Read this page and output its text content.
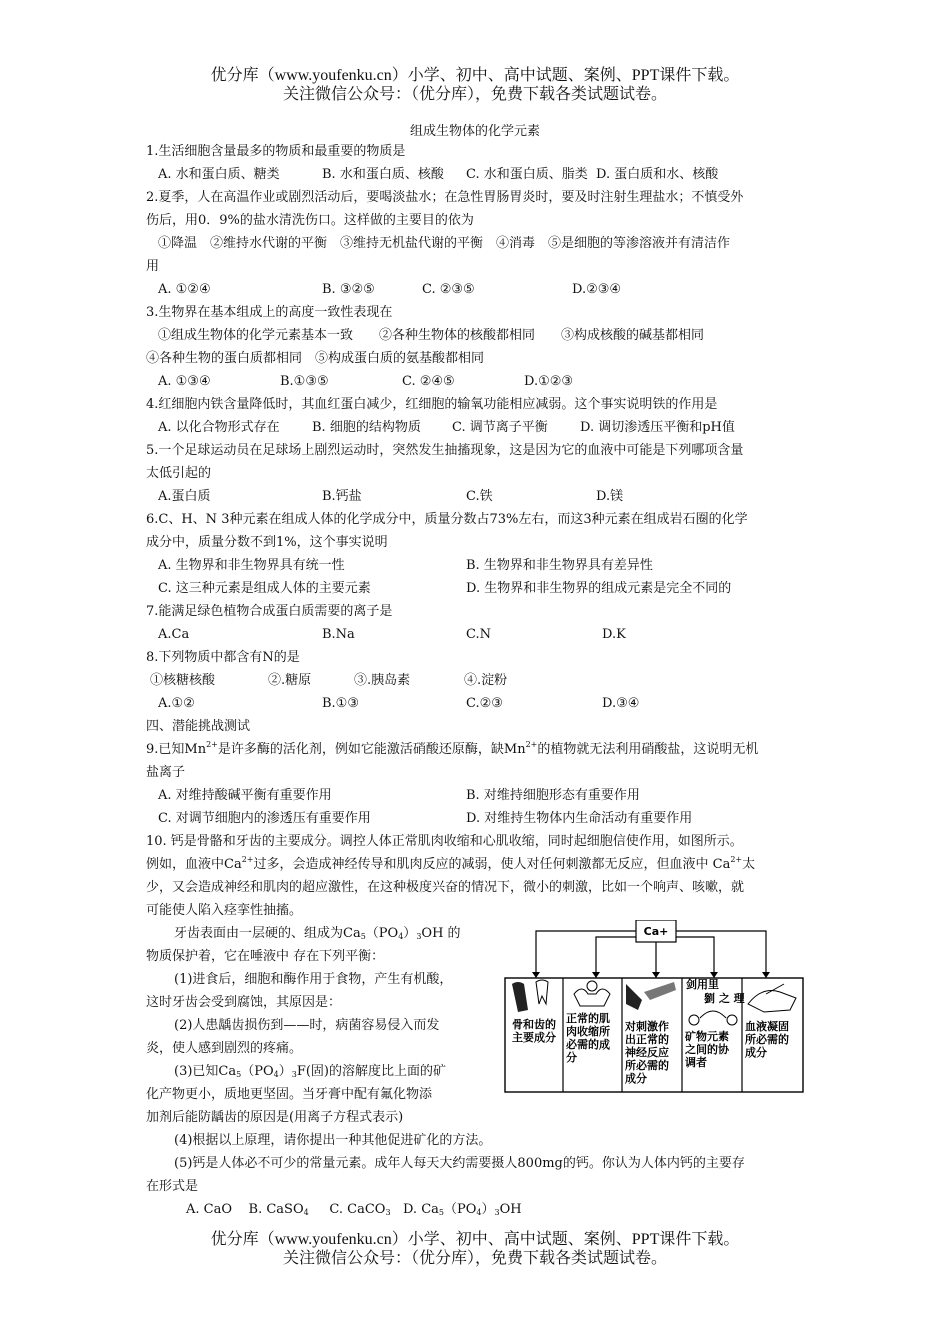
优分库（www.youfenku.cn）小学、初中、高中试题、案例、PPT课件下载。
关注微信公众号：（优分库），免费下载各类试题试卷。
组成生物体的化学元素

1.生活细胞含量最多的物质和最重要的物质是

A. 水和蛋白质、糖类	B. 水和蛋白质、核酸	C. 水和蛋白质、脂类 D. 蛋白质和水、核酸

2.夏季，人在高温作业或剧烈活动后，要喝淡盐水；在急性胃肠胃炎时，要及时注射生理盐水；不慎受外

伤后，用0．9%的盐水清洗伤口。这样做的主要目的依为

①降温　②维持水代谢的平衡　③维持无机盐代谢的平衡　④消毒　⑤是细胞的等渗溶液并有清洁作

用

A. ①②④	B. ③②⑤	C. ②③⑤	D.②③④

3.生物界在基本组成上的高度一致性表现在

①组成生物体的化学元素基本一致　　②各种生物体的核酸都相同　　③构成核酸的碱基都相同

④各种生物的蛋白质都相同　⑤构成蛋白质的氨基酸都相同

A. ①③④	B.①③⑤	C. ②④⑤	D.①②③

4.红细胞内铁含量降低时，其血红蛋白减少，红细胞的输氧功能相应减弱。这个事实说明铁的作用是

A. 以化合物形式存在	B. 细胞的结构物质	C. 调节离子平衡	D. 调切渗透压平衡和pH值

5.一个足球运动员在足球场上剧烈运动时，突然发生抽搐现象，这是因为它的血液中可能是下列哪项含量

太低引起的

A.蛋白质	B.钙盐	C.铁	D.镁

6.C、H、N 3种元素在组成人体的化学成分中，质量分数占73%左右，而这3种元素在组成岩石圈的化学

成分中，质量分数不到1%，这个事实说明

A. 生物界和非生物界具有统一性	B. 生物界和非生物界具有差异性
C. 这三种元素是组成人体的主要元素	D. 生物界和非生物界的组成元素是完全不同的

7.能满足绿色植物合成蛋白质需要的离子是

A.Ca	B.Na	C.N	D.K

8.下列物质中都含有N的是

①核糖核酸	②.糖原	③.胰岛素	④.淀粉
A.①②	B.①③	C.②③	D.③④

四、潜能挑战测试

9.已知$Mn^{2+}$是许多酶的活化剂，例如它能激活硝酸还原酶，缺$Mn^{2+}$的植物就无法利用硝酸盐，这说明无机

盐离子

A. 对维持酸碱平衡有重要作用	B. 对维持细胞形态有重要作用
C. 对调节细胞内的渗透压有重要作用	D. 对维持生物体内生命活动有重要作用

10. 钙是骨骼和牙齿的主要成分。调控人体正常肌肉收缩和心肌收缩，同时起细胞信使作用，如图所示。

例如，血液中$Ca^{2+}$过多，会造成神经传导和肌肉反应的减弱，使人对任何刺激都无反应，但血液中 $Ca^{2+}$太

少，又会造成神经和肌肉的超应激性，在这种极度兴奋的情况下，微小的刺激，比如一个响声、咳嗽，就

可能使人陷入痉挛性抽搐。

牙齿表面由一层硬的、组成为$Ca_5(PO_4)_3OH$ 的

物质保护着，它在唾液中 存在下列平衡：

(1)进食后，细胞和酶作用于食物，产生有机酸，

这时牙齿会受到腐蚀，其原因是：

(2)人患龋齿损伤到——时，病菌容易侵入而发

炎，使人感到剧烈的疼痛。

(3)已知$Ca_5(PO_4)_3F$(固)的溶解度比上面的矿

化产物更小，质地更坚固。当牙膏中配有氟化物添

加剂后能防龋齿的原因是(用离子方程式表示)

(4)根据以上原理，请你提出一种其他促进矿化的方法。

(5)钙是人体必不可少的常量元素。成年人每天大约需要摄人800mg的钙。你认为人体内钙的主要存

在形式是

A. CaO B. CaSO$_4$ C. CaCO$_3$ D. $Ca_5(PO_4)_3OH$

Ca+
剑用里
劉 之 理
骨和齿的
主要成分
正常的肌
肉收缩所
必需的成
分
对刺激作
出正常的
神经反应
所必需的
成分
矿物元素
之间的协
调者
血液凝固
所必需的
成分
优分库（www.youfenku.cn）小学、初中、高中试题、案例、PPT课件下载。
关注微信公众号：（优分库），免费下载各类试题试卷。
